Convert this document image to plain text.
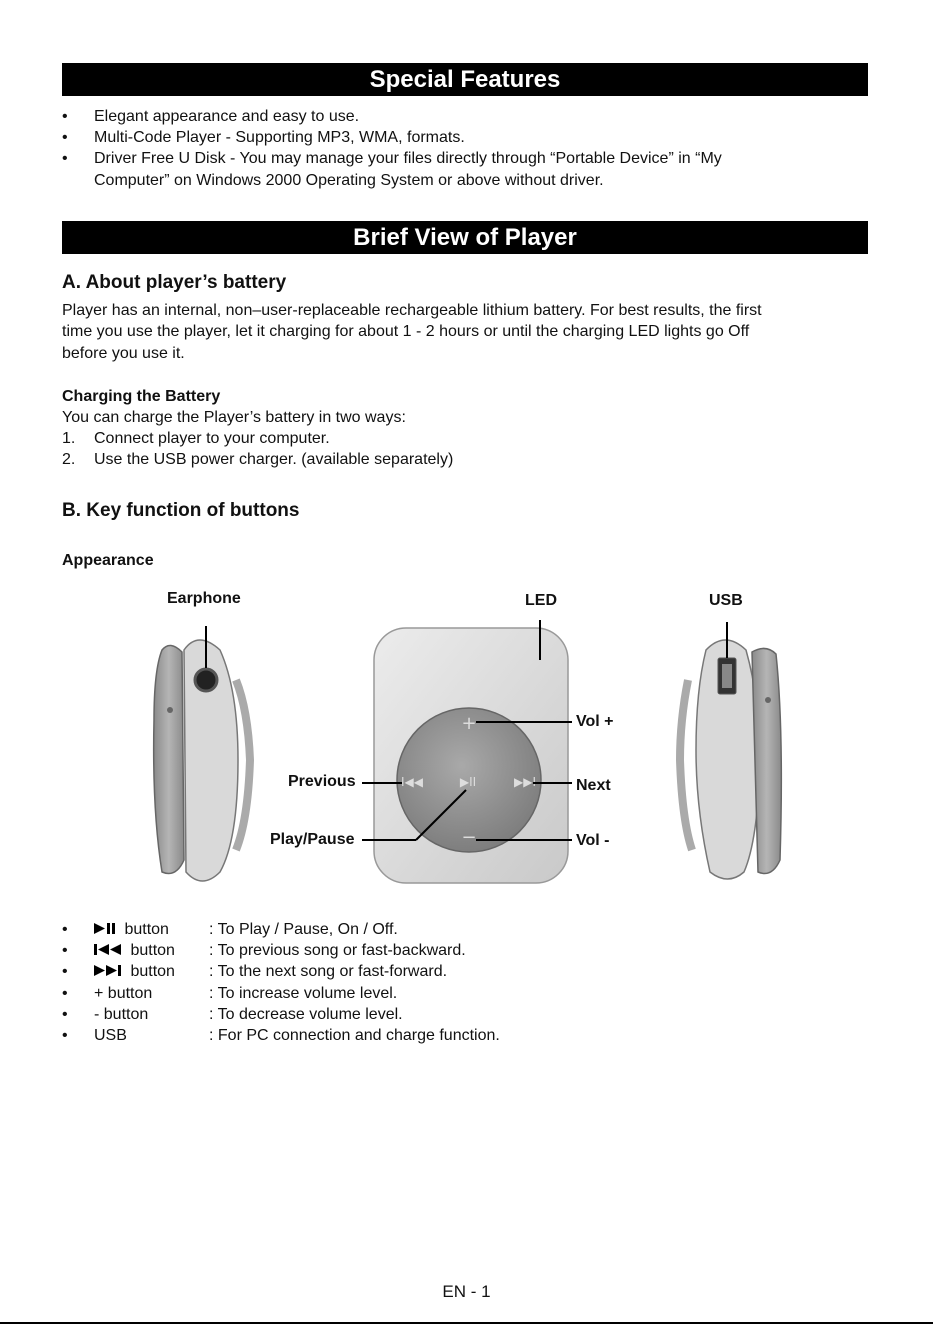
Special Features
• Elegant appearance and easy to use.
• Multi-Code Player - Supporting MP3, WMA, formats.
• Driver Free U Disk - You may manage your files directly through “Portable Device” in “My
Computer” on Windows 2000 Operating System or above without driver.
Brief View of Player
A. About player’s battery
Player has an internal, non–user-replaceable rechargeable lithium battery. For best results, the first
time you use the player, let it charging for about 1 - 2 hours or until the charging LED lights go Off
before you use it.
Charging the Battery
You can charge the Player’s battery in two ways:
1. Connect player to your computer.
2. Use the USB power charger. (available separately)
B. Key function of buttons
Appearance
+
−
I◀◀	▶II	▶▶I
Earphone	LED	USB
Vol +
Previous	Next
Play/Pause	Vol -
•	button	: To Play / Pause, On / Off.
•	button : To previous song or fast-backward.
•	button : To the next song or fast-forward.
• + button	: To increase volume level.
• - button	: To decrease volume level.
• USB	: For PC connection and charge function.
EN - 1
